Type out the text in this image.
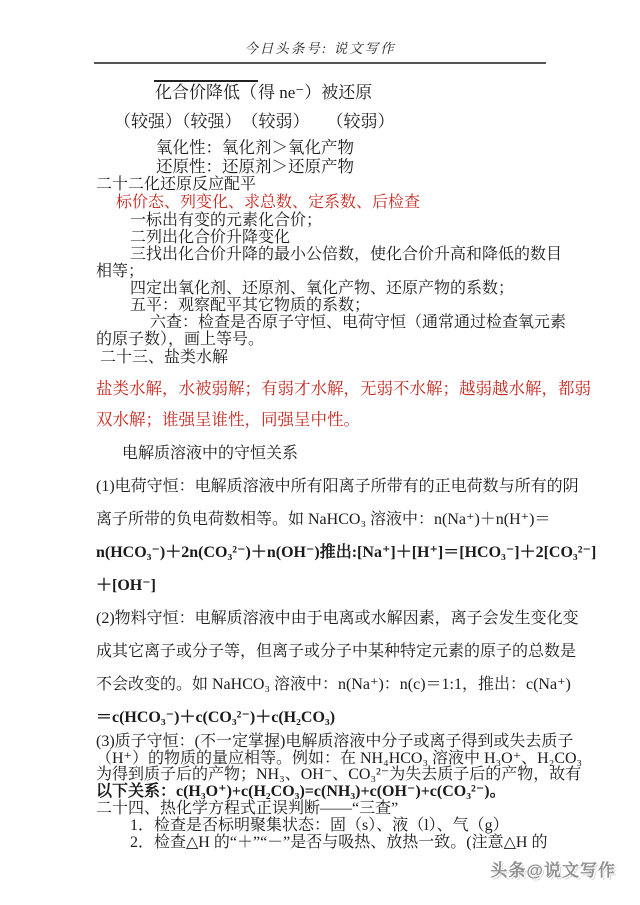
今日头条号: 说文写作
化合价降低（得 ne⁻）被还原
（较强）（较强）　（较弱）　　（较弱）
氧化性：氧化剂＞氧化产物
还原性：还原剂＞还原产物
二十二化还原反应配平
标价态、列变化、求总数、定系数、后检查
一标出有变的元素化合价；
二列出化合价升降变化
三找出化合价升降的最小公倍数，使化合价升高和降低的数目
相等；
四定出氧化剂、还原剂、氧化产物、还原产物的系数；
五平：观察配平其它物质的系数；
六查：检查是否原子守恒、电荷守恒（通常通过检查氧元素
的原子数），画上等号。
二十三、盐类水解
盐类水解，水被弱解；有弱才水解，无弱不水解；越弱越水解，都弱
双水解；谁强呈谁性，同强呈中性。
电解质溶液中的守恒关系
(1)电荷守恒：电解质溶液中所有阳离子所带有的正电荷数与所有的阴
离子所带的负电荷数相等。如 NaHCO₃ 溶液中：n(Na⁺)＋n(H⁺)＝
n(HCO₃⁻)＋2n(CO₃²⁻)＋n(OH⁻)推出:[Na⁺]＋[H⁺]＝[HCO₃⁻]＋2[CO₃²⁻]
＋[OH⁻]
(2)物料守恒：电解质溶液中由于电离或水解因素，离子会发生变化变
成其它离子或分子等，但离子或分子中某种特定元素的原子的总数是
不会改变的。如 NaHCO₃ 溶液中：n(Na⁺)：n(c)＝1:1，推出：c(Na⁺)
＝c(HCO₃⁻)＋c(CO₃²⁻)＋c(H₂CO₃)
(3)质子守恒：(不一定掌握)电解质溶液中分子或离子得到或失去质子
（H⁺）的物质的量应相等。例如：在 NH₄HCO₃ 溶液中 H₃O⁺、H₂CO₃
为得到质子后的产物；NH₃、OH⁻、CO₃²⁻为失去质子后的产物，故有
以下关系：c(H₃O⁺)+c(H₂CO₃)=c(NH₃)+c(OH⁻)+c(CO₃²⁻)。
二十四、热化学方程式正误判断——“三查”
1．检查是否标明聚集状态：固（s）、液（l）、气（g）
2．检查△H 的“＋”“－”是否与吸热、放热一致。(注意△H 的
头条@说文写作
